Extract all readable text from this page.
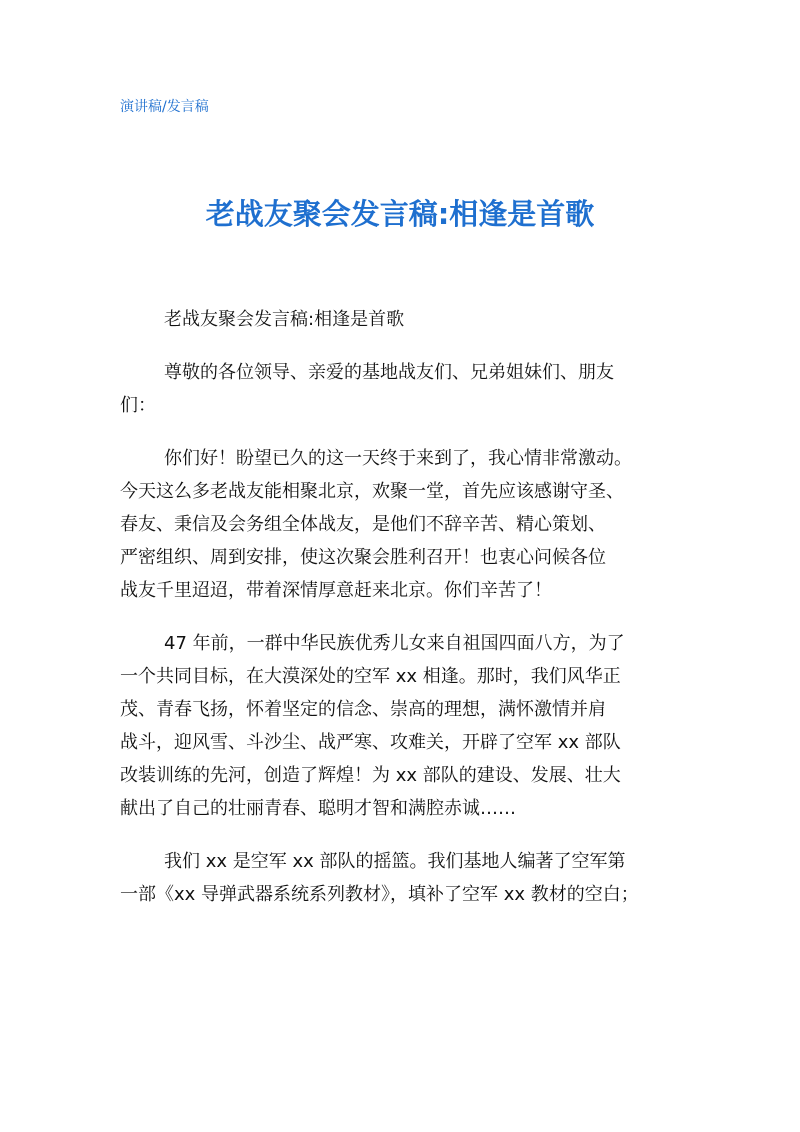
演讲稿/发言稿
老战友聚会发言稿:相逢是首歌
老战友聚会发言稿:相逢是首歌
尊敬的各位领导、亲爱的基地战友们、兄弟姐妹们、朋友
们：
你们好！盼望已久的这一天终于来到了，我心情非常激动。
今天这么多老战友能相聚北京，欢聚一堂，首先应该感谢守圣、
春友、秉信及会务组全体战友，是他们不辞辛苦、精心策划、
严密组织、周到安排，使这次聚会胜利召开！也衷心问候各位
战友千里迢迢，带着深情厚意赶来北京。你们辛苦了！
47 年前，一群中华民族优秀儿女来自祖国四面八方，为了
一个共同目标，在大漠深处的空军 xx 相逢。那时，我们风华正
茂、青春飞扬，怀着坚定的信念、崇高的理想，满怀激情并肩
战斗，迎风雪、斗沙尘、战严寒、攻难关，开辟了空军 xx 部队
改装训练的先河，创造了辉煌！为 xx 部队的建设、发展、壮大
献出了自己的壮丽青春、聪明才智和满腔赤诚……
我们 xx 是空军 xx 部队的摇篮。我们基地人编著了空军第
一部《xx 导弹武器系统系列教材》，填补了空军 xx 教材的空白；
